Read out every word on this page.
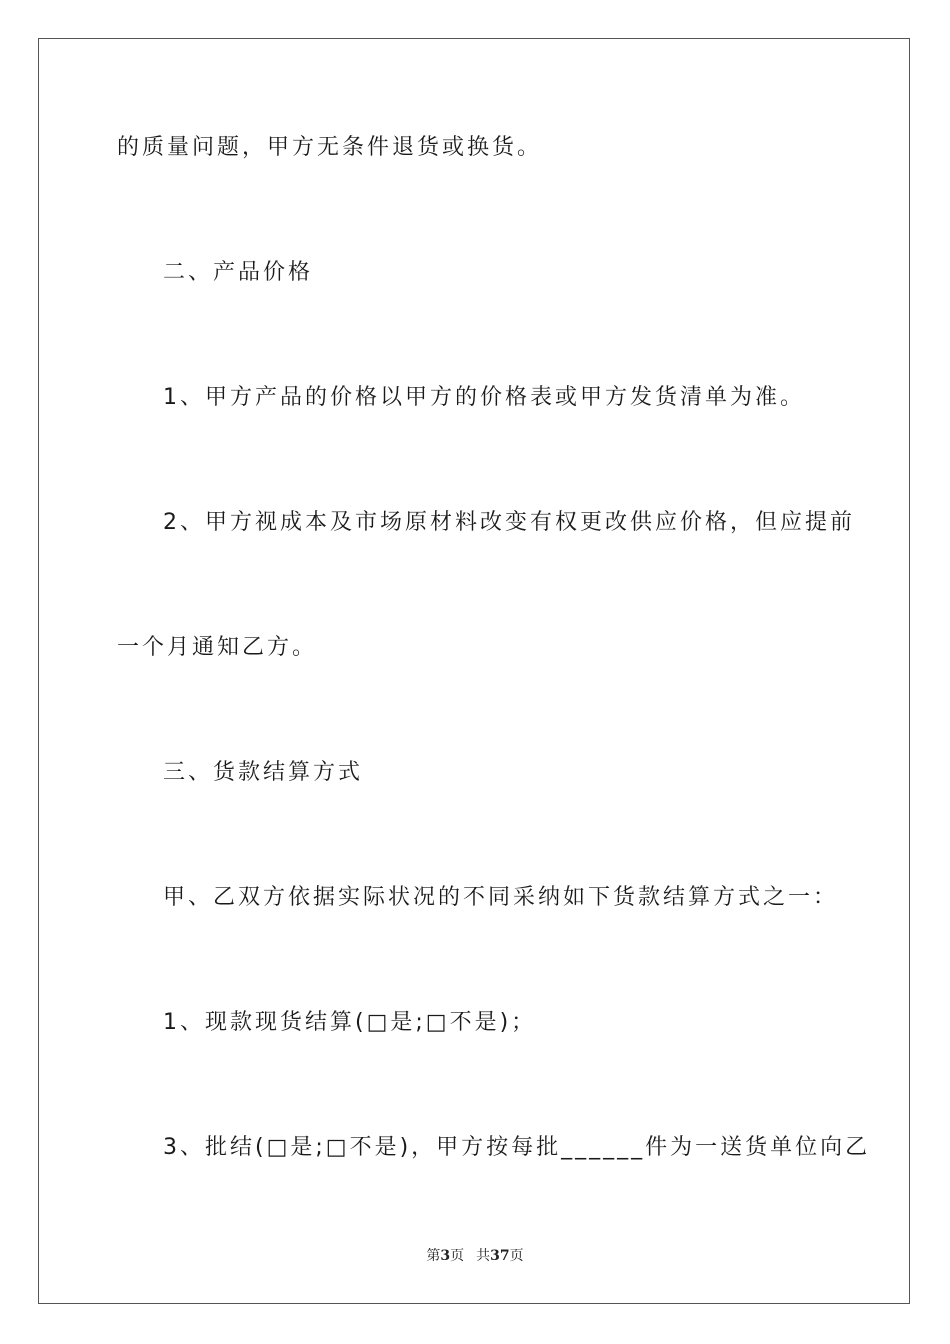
的质量问题，甲方无条件退货或换货。
二、产品价格
1、甲方产品的价格以甲方的价格表或甲方发货清单为准。
2、甲方视成本及市场原材料改变有权更改供应价格，但应提前
一个月通知乙方。
三、货款结算方式
甲、乙双方依据实际状况的不同采纳如下货款结算方式之一：
1、现款现货结算(□是;□不是)；
3、批结(□是;□不是)，甲方按每批______件为一送货单位向乙
第3页 共37页
